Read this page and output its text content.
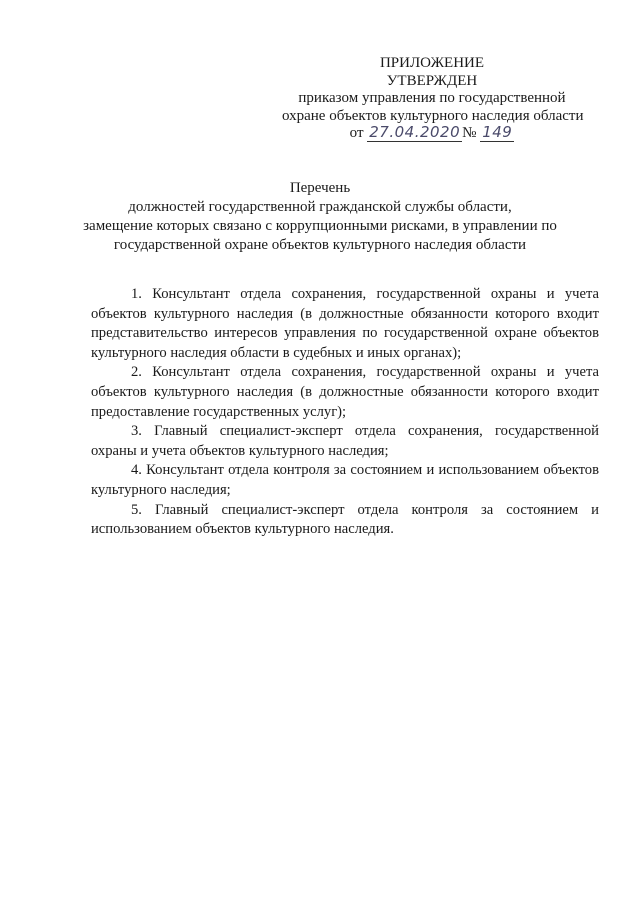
ПРИЛОЖЕНИЕ
УТВЕРЖДЕН
приказом управления по государственной
охране объектов культурного наследия области
от 27.04.2020 № 149
Перечень
должностей государственной гражданской службы области,
замещение которых связано с коррупционными рисками, в управлении по
государственной охране объектов культурного наследия области

1. Консультант отдела сохранения, государственной охраны и учета объектов культурного наследия (в должностные обязанности которого входит представительство интересов управления по государственной охране объектов культурного наследия области в судебных и иных органах);

2. Консультант отдела сохранения, государственной охраны и учета объектов культурного наследия (в должностные обязанности которого входит предоставление государственных услуг);

3. Главный специалист-эксперт отдела сохранения, государственной охраны и учета объектов культурного наследия;

4. Консультант отдела контроля за состоянием и использованием объектов культурного наследия;

5. Главный специалист-эксперт отдела контроля за состоянием и использованием объектов культурного наследия.
